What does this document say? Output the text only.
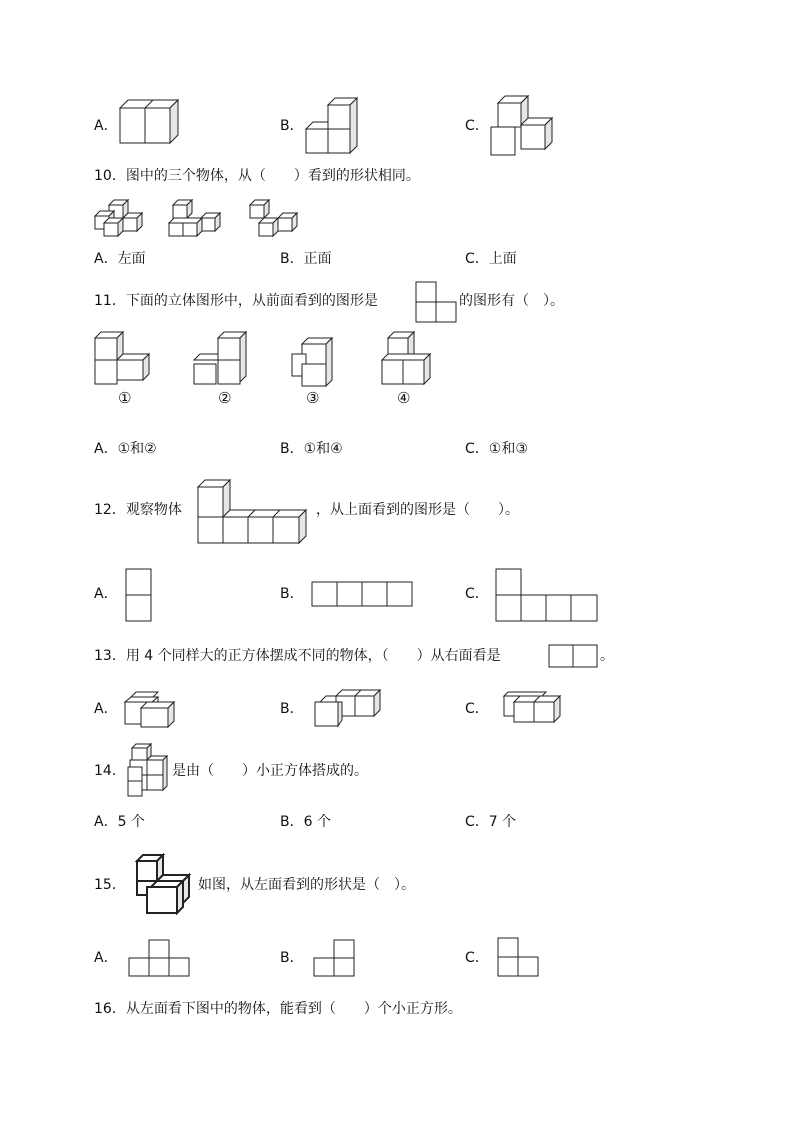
A．	B．	C．
10．图中的三个物体，从（　　）看到的形状相同。
A．左面	B．正面	C．上面
11．下面的立体图形中，从前面看到的图形是	的图形有（　）。
①	②	③	④
A．①和②	B．①和④	C．①和③
12．观察物体	，从上面看到的图形是（　　）。
A．	B．	C．
13．用 4 个同样大的正方体摆成不同的物体，（　　）从右面看是	。
A．	B．	C．
14．	是由（　　）小正方体搭成的。
A．5 个	B．6 个	C．7 个
15．	如图，从左面看到的形状是（　）。
A．	B．	C．
16．从左面看下图中的物体，能看到（　　）个小正方形。
